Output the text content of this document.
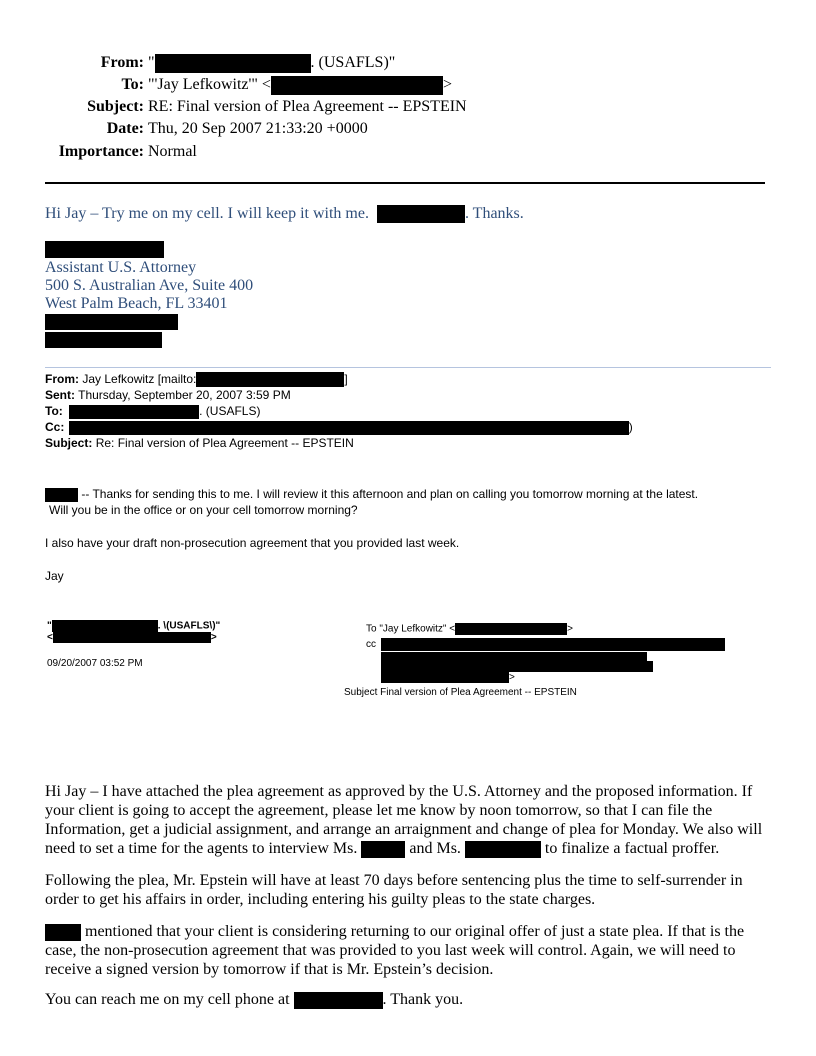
From: "	. (USAFLS)"
To: "'Jay Lefkowitz'" <	>
Subject: RE: Final version of Plea Agreement -- EPSTEIN
Date: Thu, 20 Sep 2007 21:33:20 +0000
Importance: Normal
Hi Jay – Try me on my cell. I will keep it with me.	. Thanks.
Assistant U.S. Attorney
500 S. Australian Ave, Suite 400
West Palm Beach, FL 33401
From: Jay Lefkowitz [mailto:	]
Sent: Thursday, September 20, 2007 3:59 PM
To:	. (USAFLS)
Cc:	)
Subject: Re: Final version of Plea Agreement -- EPSTEIN
-- Thanks for sending this to me. I will review it this afternoon and plan on calling you tomorrow morning at the latest.
Will you be in the office or on your cell tomorrow morning?
I also have your draft non-prosecution agreement that you provided last week.
Jay
"	. \(USAFLS\)"
<	>
09/20/2007 03:52 PM
To "Jay Lefkowitz" <	>
cc
>
Subject Final version of Plea Agreement -- EPSTEIN
Hi Jay – I have attached the plea agreement as approved by the U.S. Attorney and the proposed information. If your client is going to accept the agreement, please let me know by noon tomorrow, so that I can file the Information, get a judicial assignment, and arrange an arraignment and change of plea for Monday. We also will need to set a time for the agents to interview Ms.	and Ms.	to finalize a factual proffer.
Following the plea, Mr. Epstein will have at least 70 days before sentencing plus the time to self-surrender in order to get his affairs in order, including entering his guilty pleas to the state charges.
mentioned that your client is considering returning to our original offer of just a state plea. If that is the case, the non-prosecution agreement that was provided to you last week will control. Again, we will need to receive a signed version by tomorrow if that is Mr. Epstein’s decision.
You can reach me on my cell phone at	. Thank you.
